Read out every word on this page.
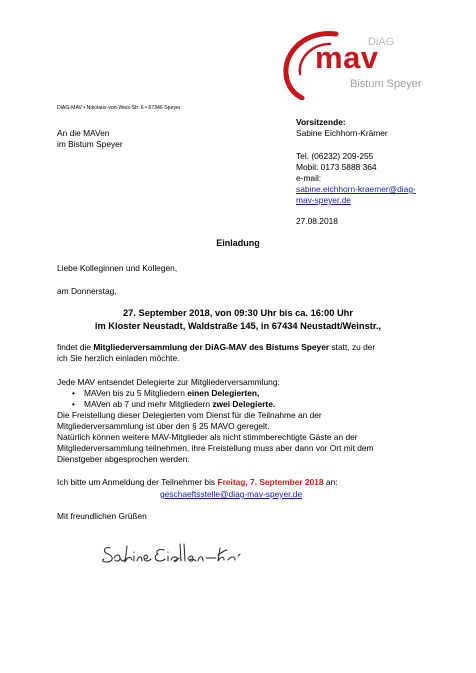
DiAG
mav
Bistum Speyer
DiAG-MAV • Nikolaus-von-Weis-Str. 6 • 67346 Speyer
An die MAVen
im Bistum Speyer
Vorsitzende:
Sabine Eichhorn-Krämer
Tel. (06232) 209-255
Mobil: 0173 5888 364
e-mail:
sabine.eichhorn-kraemer@diag-
mav-speyer.de
27.08.2018
Einladung
Liebe Kolleginnen und Kollegen,
am Donnerstag,
27. September 2018, von 09:30 Uhr bis ca. 16:00 Uhr
im Kloster Neustadt, Waldstraße 145, in 67434 Neustadt/Weinstr.,
findet die Mitgliederversammlung der DiAG-MAV des Bistums Speyer statt, zu der
ich Sie herzlich einladen möchte.
Jede MAV entsendet Delegierte zur Mitgliederversammlung:
• MAVen bis zu 5 Mitgliedern einen Delegierten,
• MAVen ab 7 und mehr Mitgliedern zwei Delegierte.
Die Freistellung dieser Delegierten vom Dienst für die Teilnahme an der
Mitgliederversammlung ist über den § 25 MAVO geregelt.
Natürlich können weitere MAV-Mitglieder als nicht stimmberechtigte Gäste an der
Mitgliederversammlung teilnehmen, ihre Freistellung muss aber dann vor Ort mit dem
Dienstgeber abgesprochen werden.
Ich bitte um Anmeldung der Teilnehmer bis Freitag, 7. September 2018 an:
geschaeftsstelle@diag-mav-speyer.de
Mit freundlichen Grüßen
